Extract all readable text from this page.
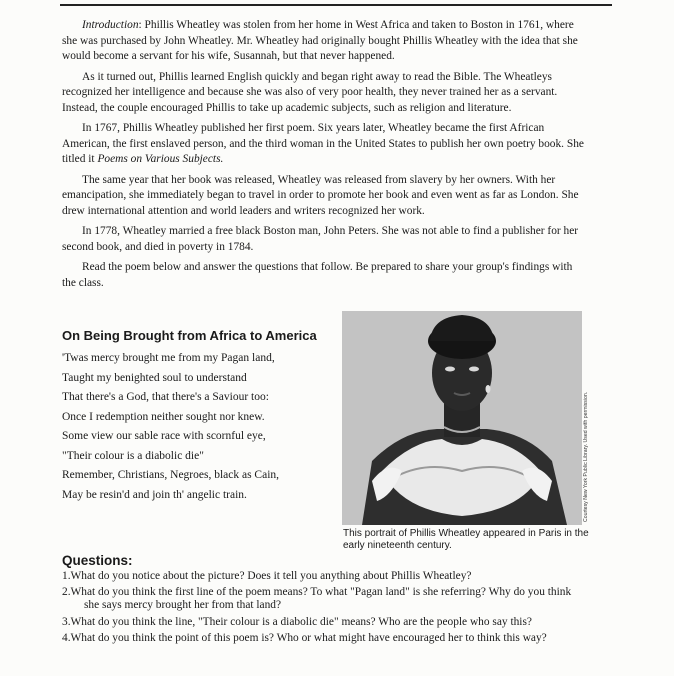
Introduction: Phillis Wheatley was stolen from her home in West Africa and taken to Boston in 1761, where she was purchased by John Wheatley. Mr. Wheatley had originally bought Phillis Wheatley with the idea that she would become a servant for his wife, Susannah, but that never happened.

As it turned out, Phillis learned English quickly and began right away to read the Bible. The Wheatleys recognized her intelligence and because she was also of very poor health, they never trained her as a servant. Instead, the couple encouraged Phillis to take up academic subjects, such as religion and literature.

In 1767, Phillis Wheatley published her first poem. Six years later, Wheatley became the first African American, the first enslaved person, and the third woman in the United States to publish her own poetry book. She titled it Poems on Various Subjects.

The same year that her book was released, Wheatley was released from slavery by her owners. With her emancipation, she immediately began to travel in order to promote her book and even went as far as London. She drew international attention and world leaders and writers recognized her work.

In 1778, Wheatley married a free black Boston man, John Peters. She was not able to find a publisher for her second book, and died in poverty in 1784.

Read the poem below and answer the questions that follow. Be prepared to share your group's findings with the class.

On Being Brought from Africa to America
'Twas mercy brought me from my Pagan land,
Taught my benighted soul to understand
That there's a God, that there's a Saviour too:
Once I redemption neither sought nor knew.
Some view our sable race with scornful eye,
"Their colour is a diabolic die"
Remember, Christians, Negroes, black as Cain,
May be resin'd and join th' angelic train.	Courtesy New York Public Library. Used with permission.
This portrait of Phillis Wheatley appeared in Paris in the early nineteenth century.
Questions:
1.What do you notice about the picture? Does it tell you anything about Phillis Wheatley?
2.What do you think the first line of the poem means? To what "Pagan land" is she referring? Why do you think she says mercy brought her from that land?
3.What do you think the line, "Their colour is a diabolic die" means? Who are the people who say this?
4.What do you think the point of this poem is? Who or what might have encouraged her to think this way?
